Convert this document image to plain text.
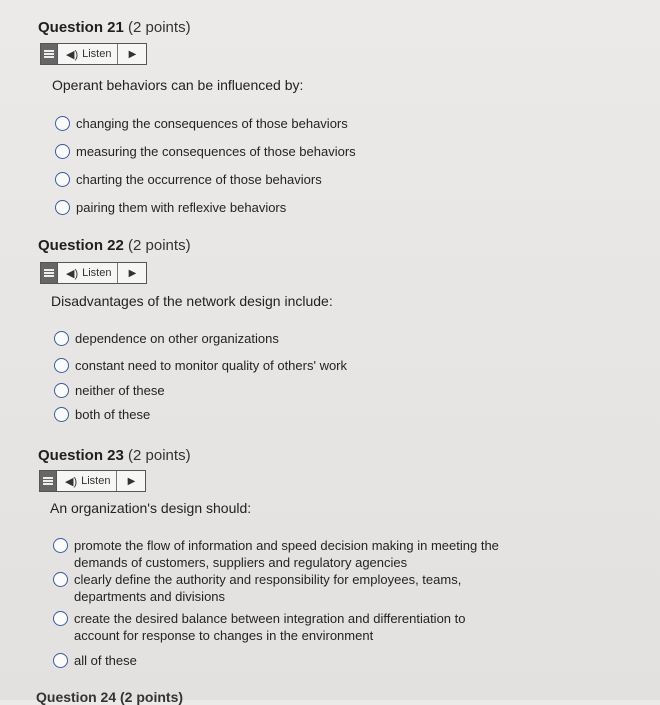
Question 21 (2 points)
◀) Listen	▶
Operant behaviors can be influenced by:
changing the consequences of those behaviors
measuring the consequences of those behaviors
charting the occurrence of those behaviors
pairing them with reflexive behaviors
Question 22 (2 points)
◀) Listen	▶
Disadvantages of the network design include:
dependence on other organizations
constant need to monitor quality of others' work
neither of these
both of these
Question 23 (2 points)
◀) Listen	▶
An organization's design should:
promote the flow of information and speed decision making in meeting the demands of customers, suppliers and regulatory agencies
clearly define the authority and responsibility for employees, teams, departments and divisions
create the desired balance between integration and differentiation to account for response to changes in the environment
all of these
Question 24 (2 points)
